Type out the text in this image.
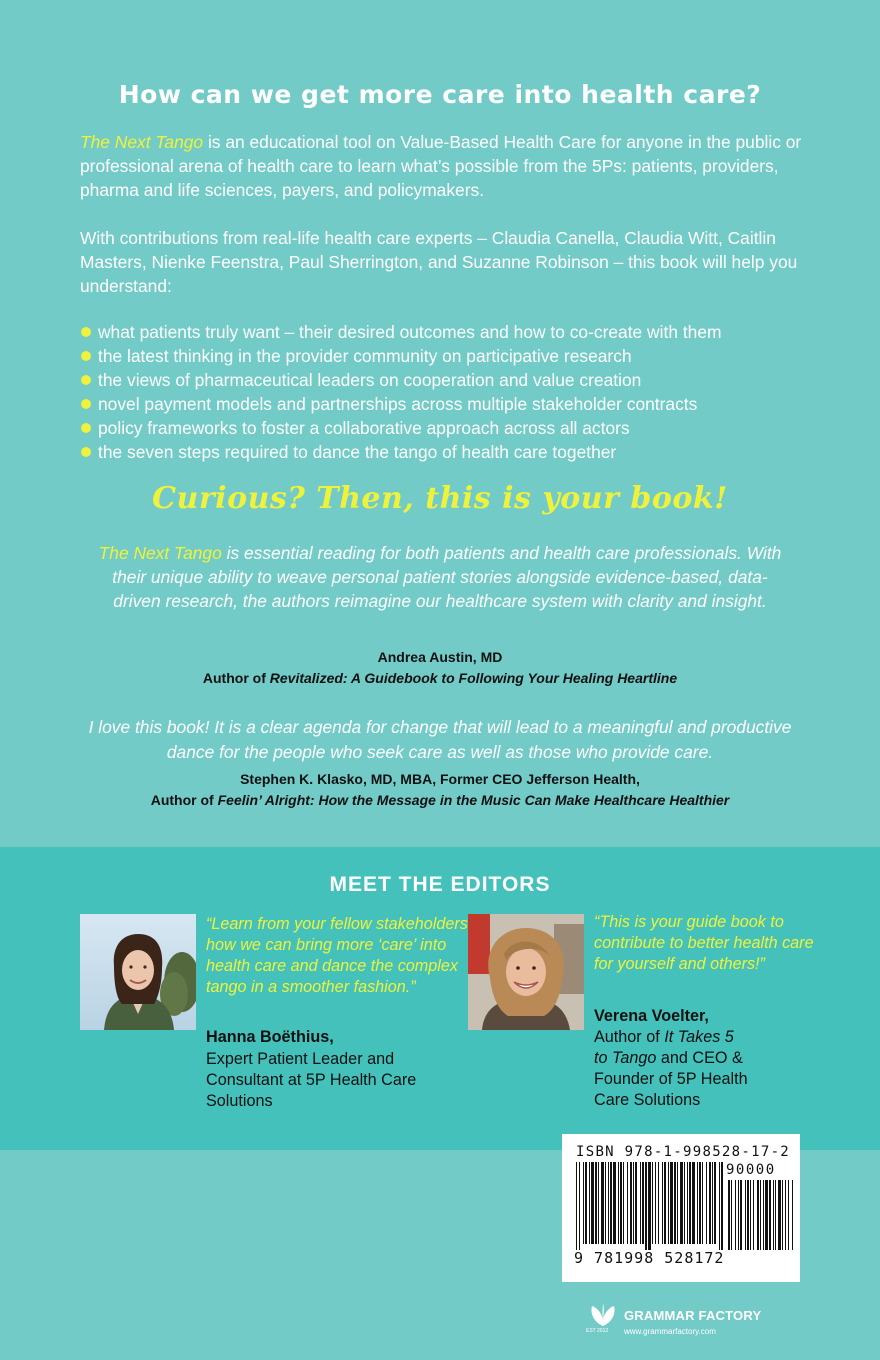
How can we get more care into health care?

The Next Tango is an educational tool on Value-Based Health Care for anyone in the public or professional arena of health care to learn what’s possible from the 5Ps: patients, providers, pharma and life sciences, payers, and policymakers.

With contributions from real-life health care experts – Claudia Canella, Claudia Witt, Caitlin Masters, Nienke Feenstra, Paul Sherrington, and Suzanne Robinson – this book will help you understand:

what patients truly want – their desired outcomes and how to co-create with them
the latest thinking in the provider community on participative research
the views of pharmaceutical leaders on cooperation and value creation
novel payment models and partnerships across multiple stakeholder contracts
policy frameworks to foster a collaborative approach across all actors
the seven steps required to dance the tango of health care together

Curious? Then, this is your book!

The Next Tango is essential reading for both patients and health care professionals. With their unique ability to weave personal patient stories alongside evidence-based, data-driven research, the authors reimagine our healthcare system with clarity and insight.

Andrea Austin, MD
Author of Revitalized: A Guidebook to Following Your Healing Heartline

I love this book! It is a clear agenda for change that will lead to a meaningful and productive dance for the people who seek care as well as those who provide care.

Stephen K. Klasko, MD, MBA, Former CEO Jefferson Health,
Author of Feelin’ Alright: How the Message in the Music Can Make Healthcare Healthier
MEET THE EDITORS

“Learn from your fellow stakeholders how we can bring more ‘care’ into health care and dance the complex tango in a smoother fashion.”

Hanna Boëthius,
Expert Patient Leader and Consultant at 5P Health Care Solutions

“This is your guide book to contribute to better health care for yourself and others!”

Verena Voelter,
Author of It Takes 5
to Tango and CEO & Founder of 5P Health Care Solutions
ISBN 978-1-998528-17-2
90000
9 781998 528172
EST 2012
GRAMMAR FACTORY
www.grammarfactory.com
